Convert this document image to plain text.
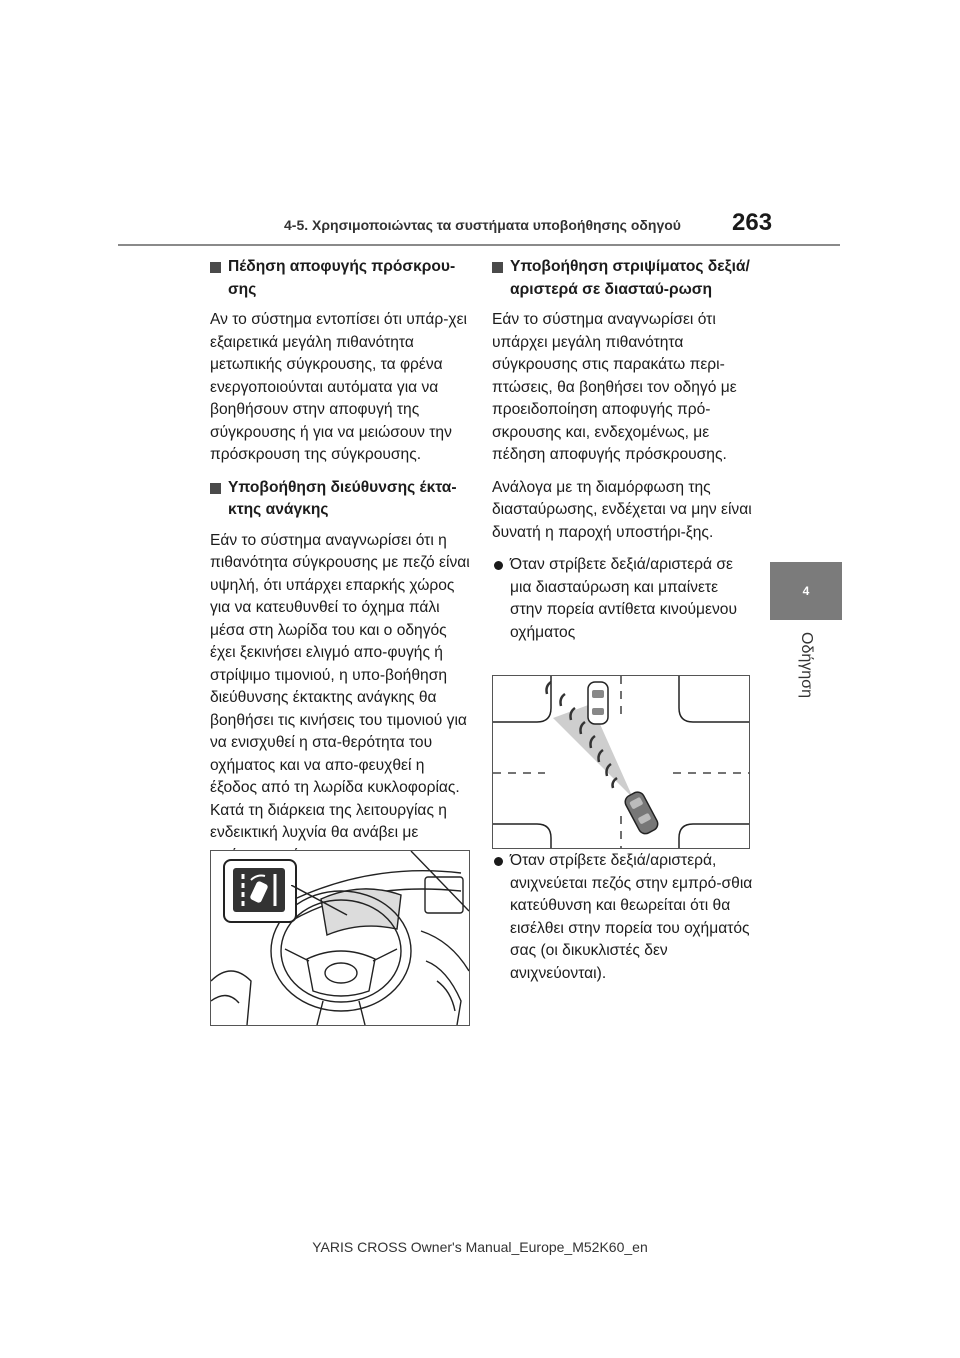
4-5. Χρησιμοποιώντας τα συστήματα υποβοήθησης οδηγού 263
4
Οδήγηση
Πέδηση αποφυγής πρόσκρου-σης

Αν το σύστημα εντοπίσει ότι υπάρ-χει εξαιρετικά μεγάλη πιθανότητα μετωπικής σύγκρουσης, τα φρένα ενεργοποιούνται αυτόματα για να βοηθήσουν στην αποφυγή της σύγκρουσης ή για να μειώσουν την πρόσκρουση της σύγκρουσης.

Υποβοήθηση διεύθυνσης έκτα-κτης ανάγκης

Εάν το σύστημα αναγνωρίσει ότι η πιθανότητα σύγκρουσης με πεζό είναι υψηλή, ότι υπάρχει επαρκής χώρος για να κατευθυνθεί το όχημα πάλι μέσα στη λωρίδα του και ο οδηγός έχει ξεκινήσει ελιγμό απο-φυγής ή στρίψιμο τιμονιού, η υπο-βοήθηση διεύθυνσης έκτακτης ανάγκης θα βοηθήσει τις κινήσεις του τιμονιού για να ενισχυθεί η στα-θερότητα του οχήματος και να απο-φευχθεί η έξοδος από τη λωρίδα κυκλοφορίας. Κατά τη διάρκεια της λειτουργίας η ενδεικτική λυχνία θα ανάβει με

Υποβοήθηση στριψίματος δεξιά/αριστερά σε διασταύ-ρωση

Εάν το σύστημα αναγνωρίσει ότι υπάρχει μεγάλη πιθανότητα σύγκρουσης στις παρακάτω περι-πτώσεις, θα βοηθήσει τον οδηγό με προειδοποίηση αποφυγής πρό-σκρουσης και, ενδεχομένως, με πέδηση αποφυγής πρόσκρουσης.

Ανάλογα με τη διαμόρφωση της διασταύρωσης, ενδέχεται να μην είναι δυνατή η παροχή υποστήρι-ξης.

Όταν στρίβετε δεξιά/αριστερά σε μια διασταύρωση και μπαίνετε στην πορεία αντίθετα κινούμενου οχήματος
Όταν στρίβετε δεξιά/αριστερά, ανιχνεύεται πεζός στην εμπρό-σθια κατεύθυνση και θεωρείται ότι θα εισέλθει στην πορεία του οχήματός σας (οι δικυκλιστές δεν ανιχνεύονται).
YARIS CROSS Owner's Manual_Europe_M52K60_en
